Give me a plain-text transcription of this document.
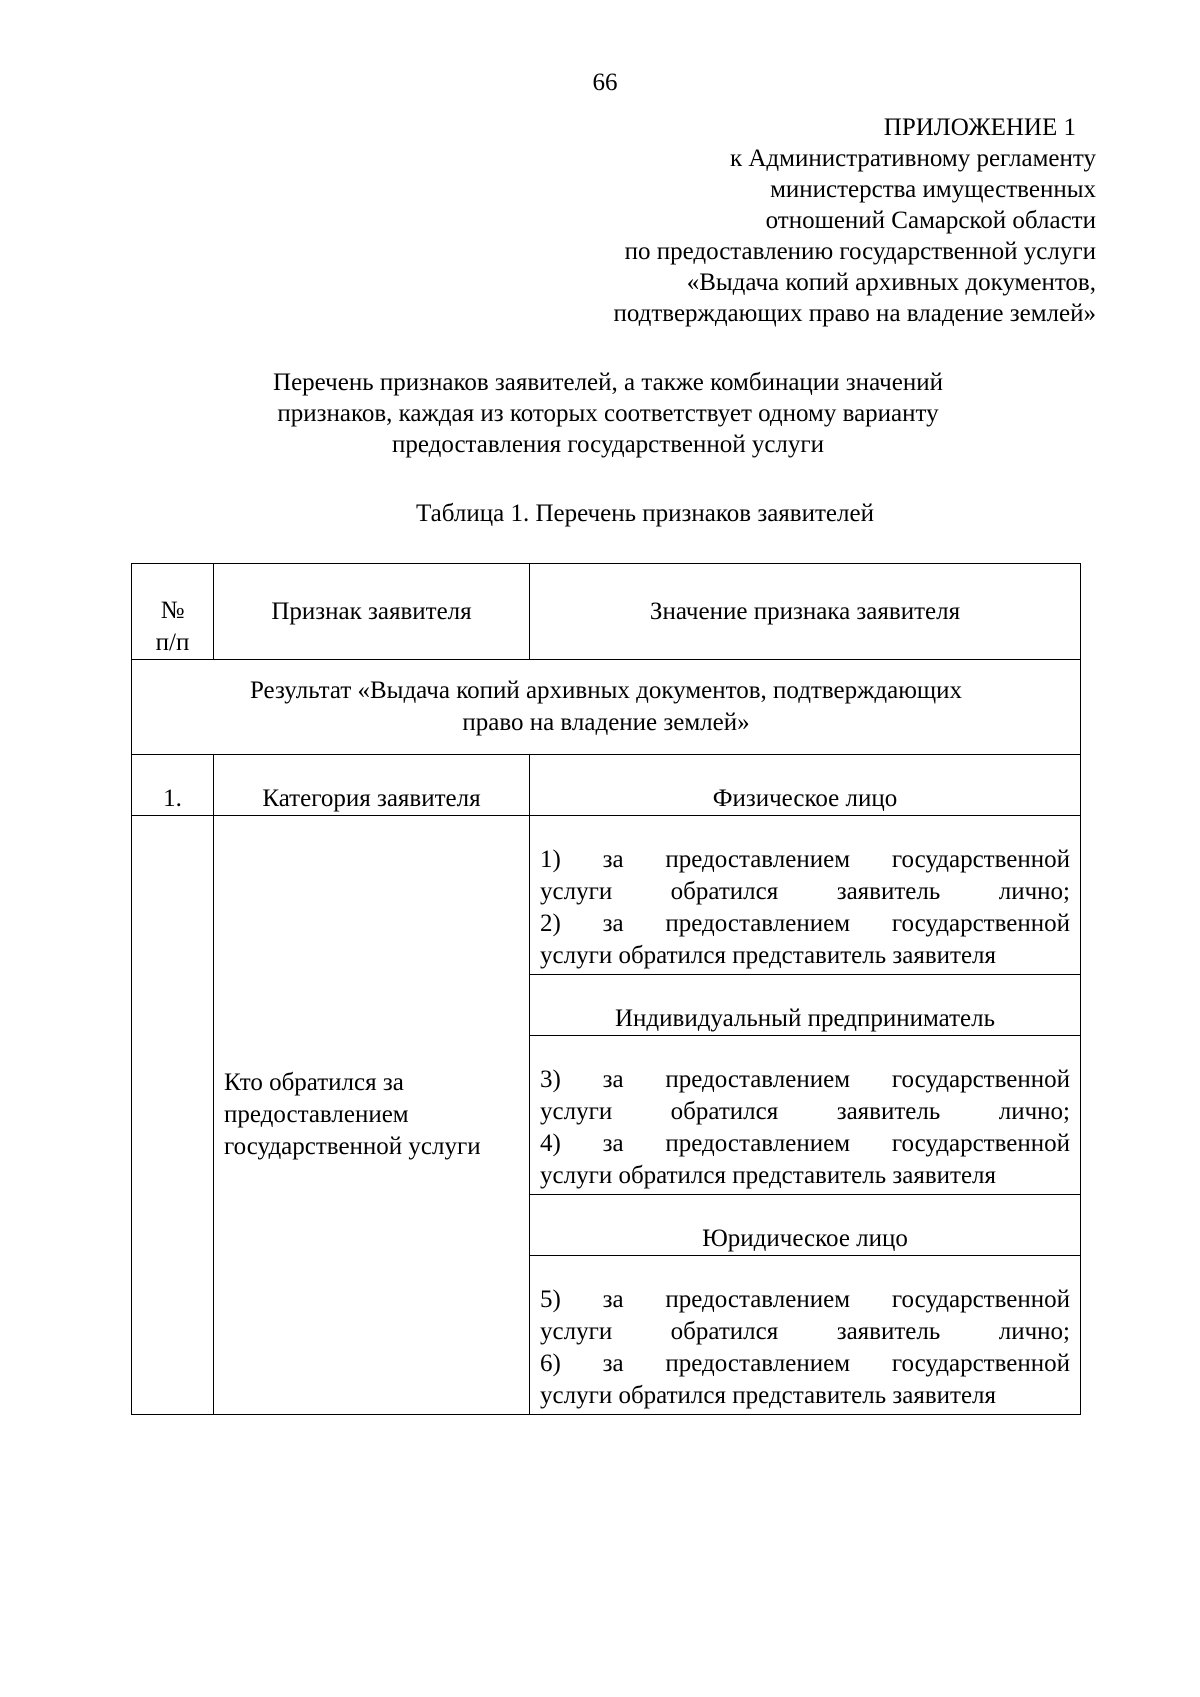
66
ПРИЛОЖЕНИЕ 1
к Административному регламенту
министерства имущественных
отношений Самарской области
по предоставлению государственной услуги
«Выдача копий архивных документов,
подтверждающих право на владение землей»
Перечень признаков заявителей, а также комбинации значений
признаков, каждая из которых соответствует одному варианту
предоставления государственной услуги
Таблица 1. Перечень признаков заявителей
№
п/п	Признак заявителя	Значение признака заявителя

Результат «Выдача копий архивных документов, подтверждающих
право на владение землей»		

1.	Категория заявителя	Физическое лицо
	Кто обратился за предоставлением государственной услуги	1) за предоставлением государственной
услуги обратился заявитель лично;
2) за предоставлением государственной
услуги обратился представитель заявителя

		Индивидуальный предприниматель

		3) за предоставлением государственной
услуги обратился заявитель лично;
4) за предоставлением государственной
услуги обратился представитель заявителя

		Юридическое лицо

		5) за предоставлением государственной
услуги обратился заявитель лично;
6) за предоставлением государственной
услуги обратился представитель заявителя
